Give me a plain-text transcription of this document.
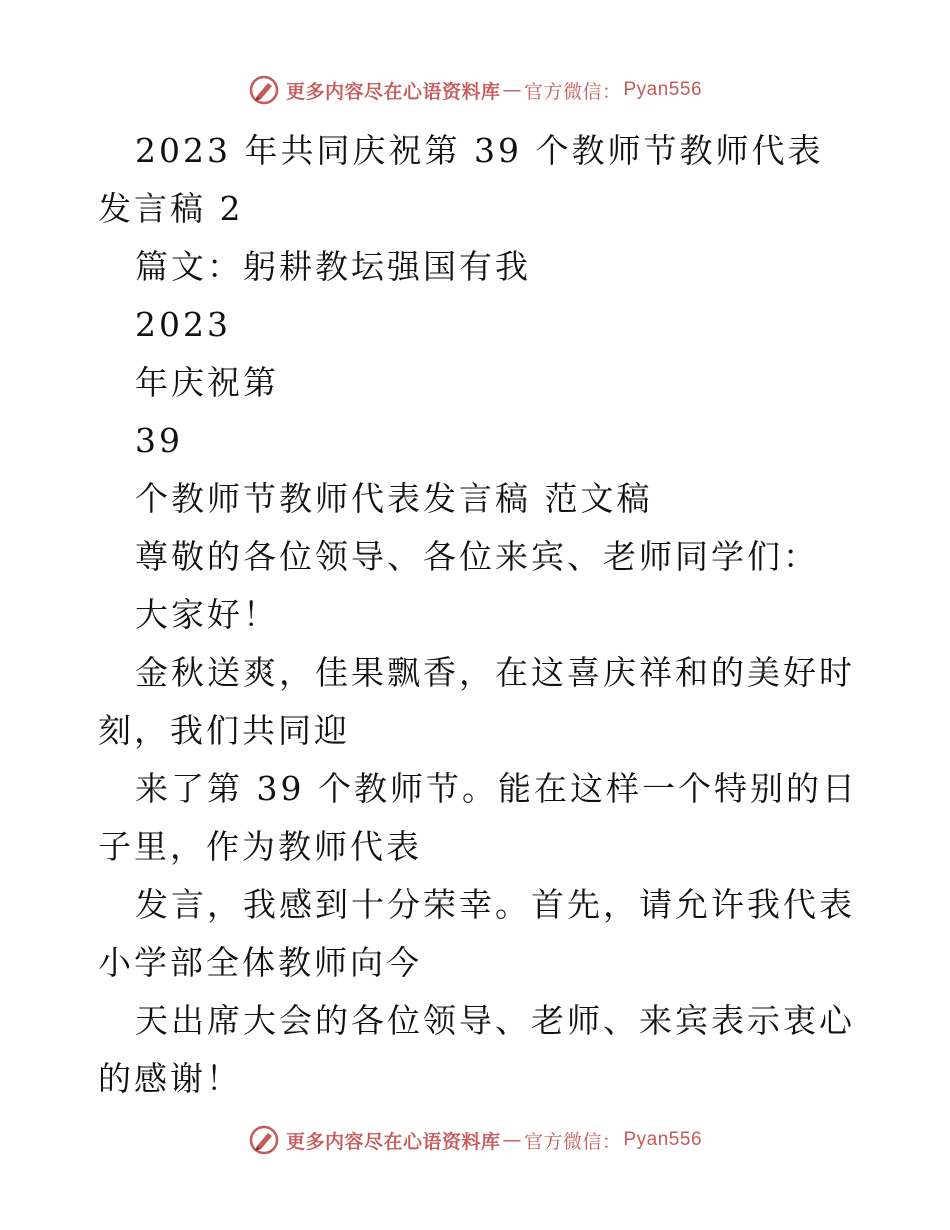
更多内容尽在心语资料库 — 官方微信： Pyan556

2023 年共同庆祝第 39 个教师节教师代表发言稿 2

篇文：躬耕教坛强国有我

2023

年庆祝第

39

个教师节教师代表发言稿 范文稿

尊敬的各位领导、各位来宾、老师同学们：

大家好！

金秋送爽，佳果飘香，在这喜庆祥和的美好时刻，我们共同迎

来了第 39 个教师节。能在这样一个特别的日子里，作为教师代表

发言，我感到十分荣幸。首先，请允许我代表小学部全体教师向今

天出席大会的各位领导、老师、来宾表示衷心的感谢！

更多内容尽在心语资料库 — 官方微信： Pyan556
